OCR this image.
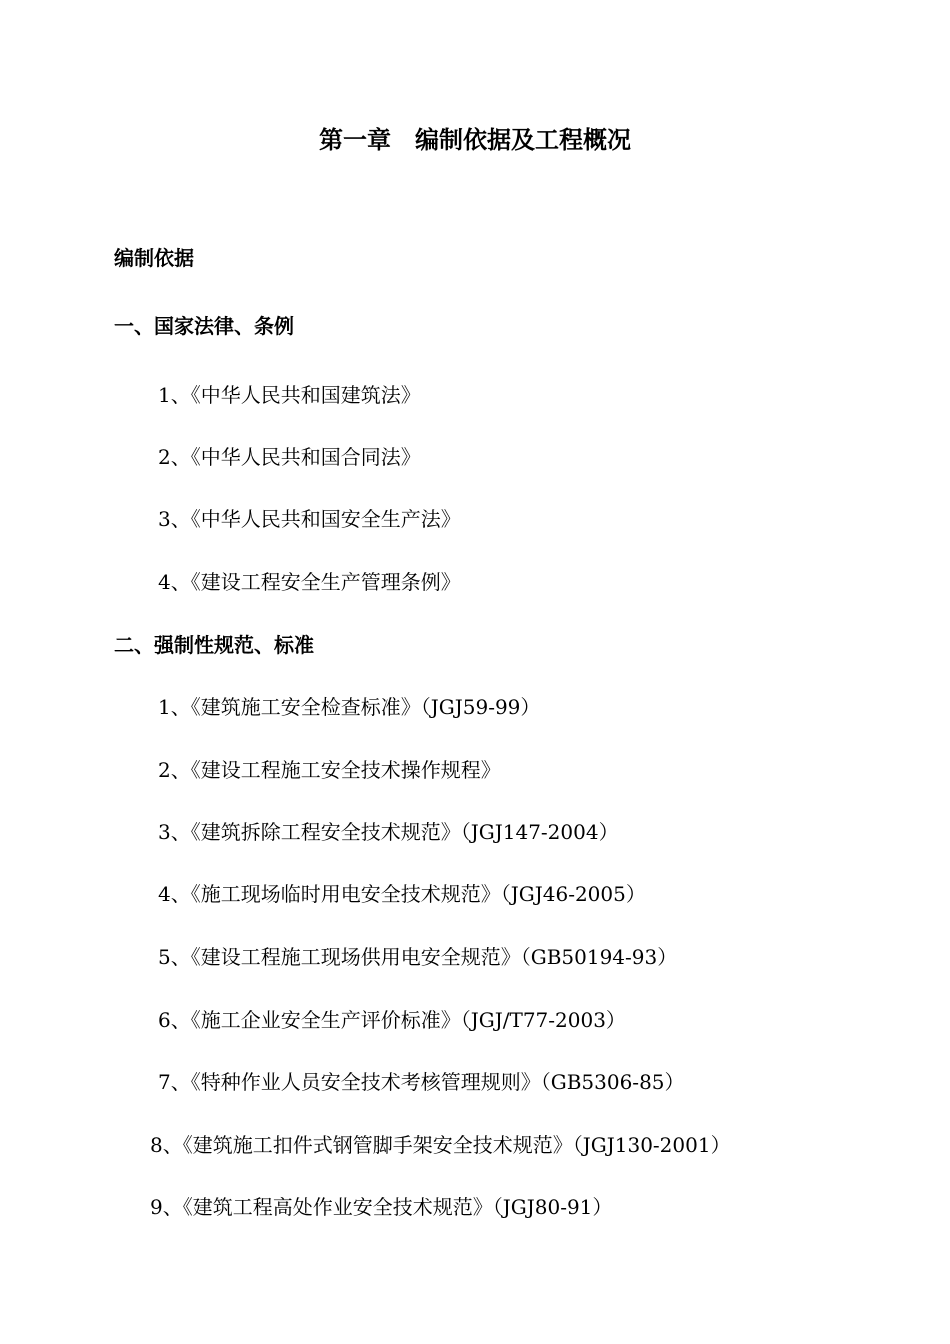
第一章　编制依据及工程概况
编制依据
一、国家法律、条例
1、《中华人民共和国建筑法》
2、《中华人民共和国合同法》
3、《中华人民共和国安全生产法》
4、《建设工程安全生产管理条例》
二、强制性规范、标准
1、《建筑施工安全检查标准》（JGJ59-99）
2、《建设工程施工安全技术操作规程》
3、《建筑拆除工程安全技术规范》（JGJ147-2004）
4、《施工现场临时用电安全技术规范》（JGJ46-2005）
5、《建设工程施工现场供用电安全规范》（GB50194-93）
6、《施工企业安全生产评价标准》（JGJ/T77-2003）
7、《特种作业人员安全技术考核管理规则》（GB5306-85）
8、《建筑施工扣件式钢管脚手架安全技术规范》（JGJ130-2001）
9、《建筑工程高处作业安全技术规范》（JGJ80-91）
